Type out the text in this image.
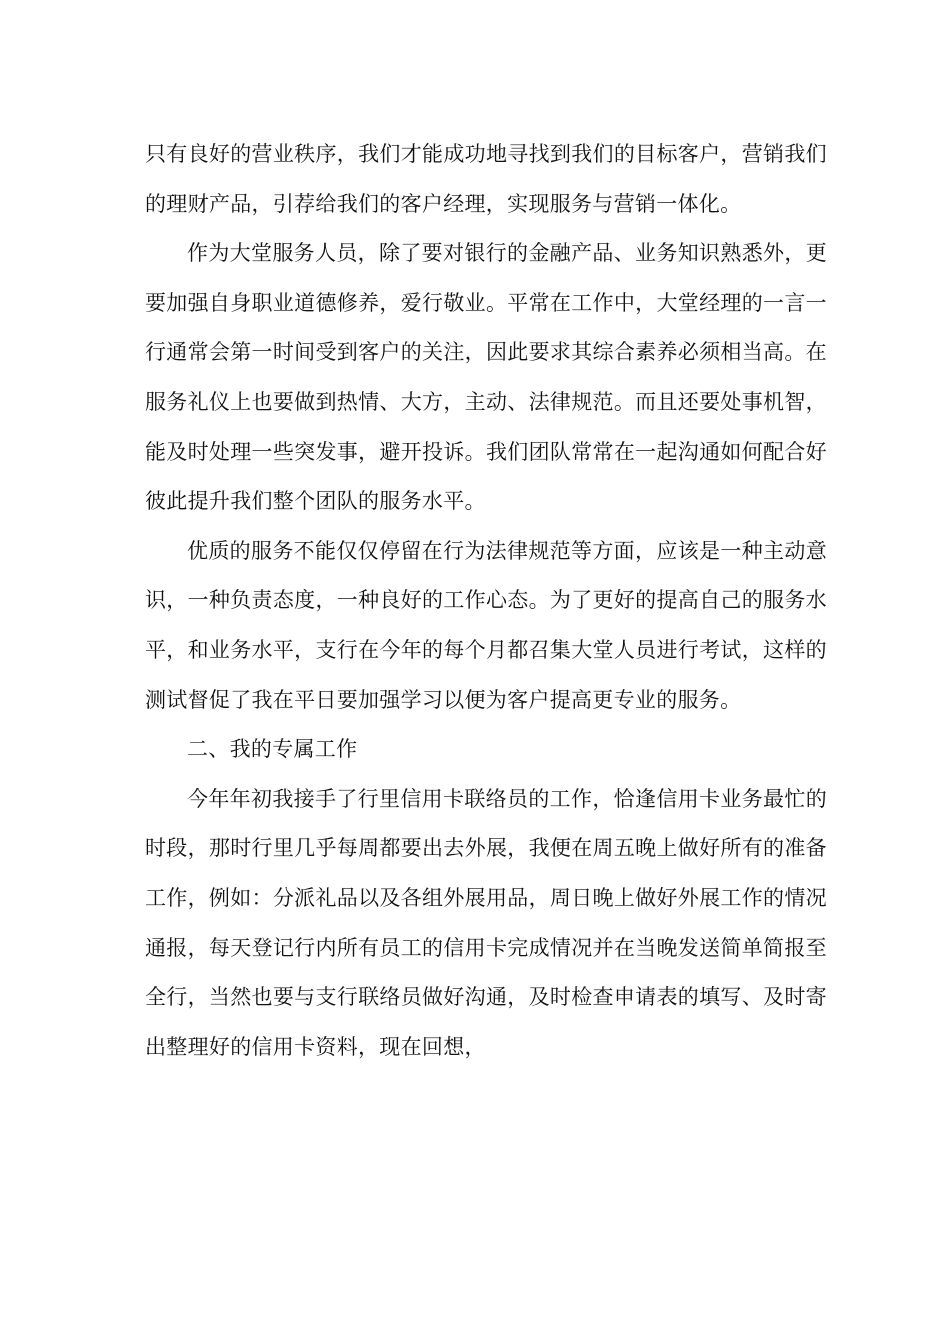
只有良好的营业秩序，我们才能成功地寻找到我们的目标客户，营销我们的理财产品，引荐给我们的客户经理，实现服务与营销一体化。

作为大堂服务人员，除了要对银行的金融产品、业务知识熟悉外，更要加强自身职业道德修养，爱行敬业。平常在工作中，大堂经理的一言一行通常会第一时间受到客户的关注，因此要求其综合素养必须相当高。在服务礼仪上也要做到热情、大方，主动、法律规范。而且还要处事机智，能及时处理一些突发事，避开投诉。我们团队常常在一起沟通如何配合好彼此提升我们整个团队的服务水平。

优质的服务不能仅仅停留在行为法律规范等方面，应该是一种主动意识，一种负责态度，一种良好的工作心态。为了更好的提高自己的服务水平，和业务水平，支行在今年的每个月都召集大堂人员进行考试，这样的测试督促了我在平日要加强学习以便为客户提高更专业的服务。

二、我的专属工作

今年年初我接手了行里信用卡联络员的工作，恰逢信用卡业务最忙的时段，那时行里几乎每周都要出去外展，我便在周五晚上做好所有的准备工作，例如：分派礼品以及各组外展用品，周日晚上做好外展工作的情况通报，每天登记行内所有员工的信用卡完成情况并在当晚发送简单简报至全行，当然也要与支行联络员做好沟通，及时检查申请表的填写、及时寄出整理好的信用卡资料，现在回想，
